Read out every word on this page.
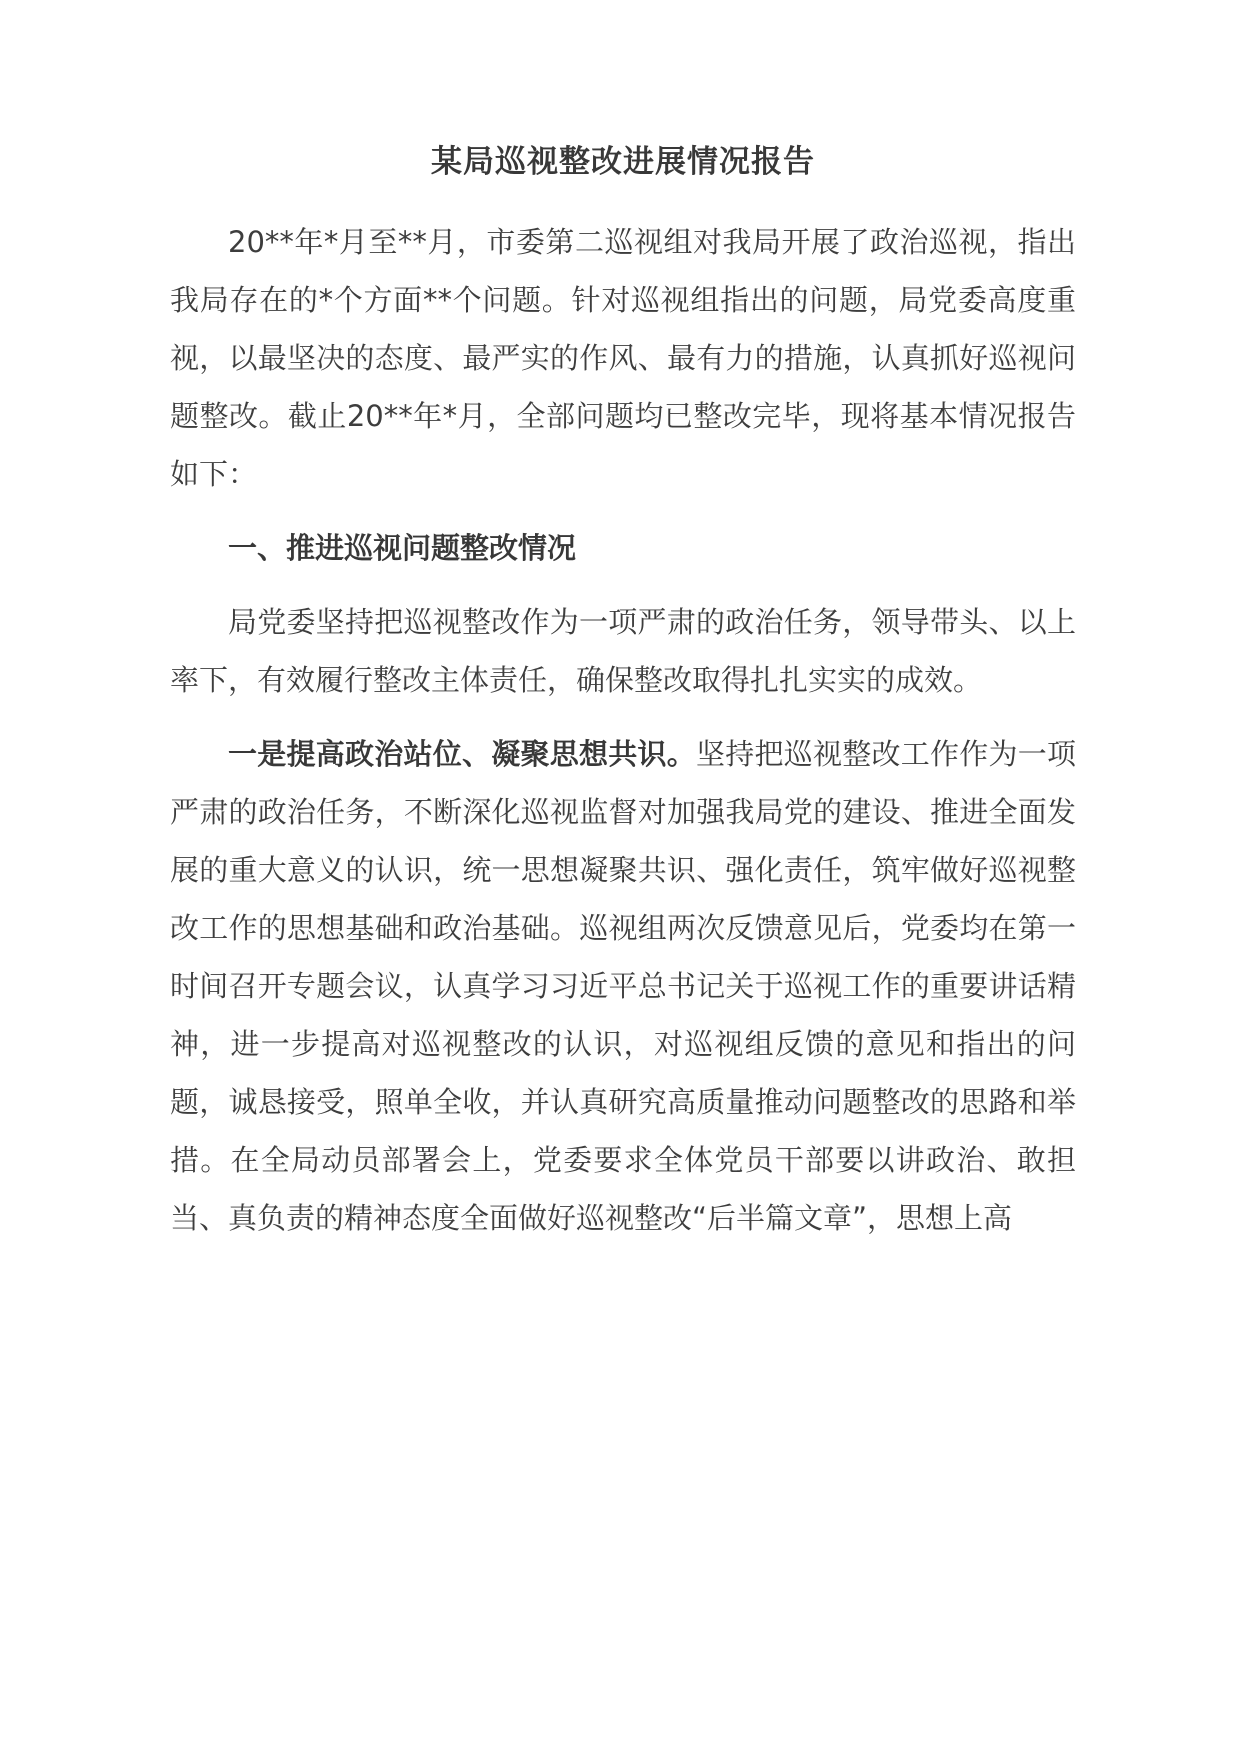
某局巡视整改进展情况报告

20**年*月至**月，市委第二巡视组对我局开展了政治巡视，指出我局存在的*个方面**个问题。针对巡视组指出的问题，局党委高度重视，以最坚决的态度、最严实的作风、最有力的措施，认真抓好巡视问题整改。截止20**年*月，全部问题均已整改完毕，现将基本情况报告如下：

一、推进巡视问题整改情况

局党委坚持把巡视整改作为一项严肃的政治任务，领导带头、以上率下，有效履行整改主体责任，确保整改取得扎扎实实的成效。

一是提高政治站位、凝聚思想共识。坚持把巡视整改工作作为一项严肃的政治任务，不断深化巡视监督对加强我局党的建设、推进全面发展的重大意义的认识，统一思想凝聚共识、强化责任，筑牢做好巡视整改工作的思想基础和政治基础。巡视组两次反馈意见后，党委均在第一时间召开专题会议，认真学习习近平总书记关于巡视工作的重要讲话精神，进一步提高对巡视整改的认识，对巡视组反馈的意见和指出的问题，诚恳接受，照单全收，并认真研究高质量推动问题整改的思路和举措。在全局动员部署会上，党委要求全体党员干部要以讲政治、敢担当、真负责的精神态度全面做好巡视整改“后半篇文章”，思想上高
